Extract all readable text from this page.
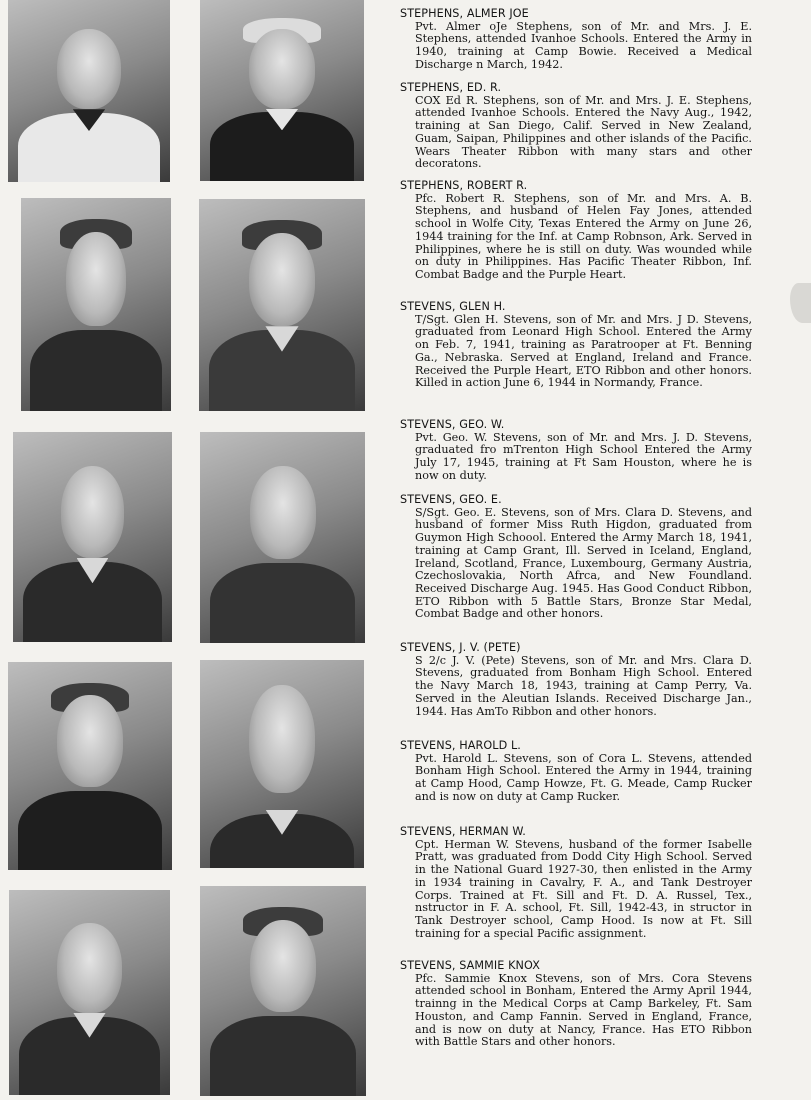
STEPHENS, ALMER JOE
Pvt. Almer oJe Stephens, son of Mr. and Mrs. J. E. Stephens, attended Ivanhoe Schools. Entered the Army in 1940, training at Camp Bowie. Received a Medical Discharge n March, 1942.
STEPHENS, ED. R.
COX Ed R. Stephens, son of Mr. and Mrs. J. E. Stephens, attended Ivanhoe Schools. Entered the Navy Aug., 1942, training at San Diego, Calif. Served in New Zealand, Guam, Saipan, Philippines and other islands of the Pacific. Wears Theater Ribbon with many stars and other decoratons.
STEPHENS, ROBERT R.
Pfc. Robert R. Stephens, son of Mr. and Mrs. A. B. Stephens, and husband of Helen Fay Jones, attended school in Wolfe City, Texas Entered the Army on June 26, 1944 training for the Inf. at Camp Robnson, Ark. Served in Philippines, where he is still on duty. Was wounded while on duty in Philippines. Has Pacific Theater Ribbon, Inf. Combat Badge and the Purple Heart.
STEVENS, GLEN H.
T/Sgt. Glen H. Stevens, son of Mr. and Mrs. J D. Stevens, graduated from Leonard High School. Entered the Army on Feb. 7, 1941, training as Paratrooper at Ft. Benning Ga., Nebraska. Served at England, Ireland and France. Received the Purple Heart, ETO Ribbon and other honors. Killed in action June 6, 1944 in Normandy, France.
STEVENS, GEO. W.
Pvt. Geo. W. Stevens, son of Mr. and Mrs. J. D. Stevens, graduated fro mTrenton High School Entered the Army July 17, 1945, training at Ft Sam Houston, where he is now on duty.
STEVENS, GEO. E.
S/Sgt. Geo. E. Stevens, son of Mrs. Clara D. Stevens, and husband of former Miss Ruth Higdon, graduated from Guymon High Schoool. Entered the Army March 18, 1941, training at Camp Grant, Ill. Served in Iceland, England, Ireland, Scotland, France, Luxembourg, Germany Austria, Czechoslovakia, North Afrca, and New Foundland. Received Discharge Aug. 1945. Has Good Conduct Ribbon, ETO Ribbon with 5 Battle Stars, Bronze Star Medal, Combat Badge and other honors.
STEVENS, J. V. (PETE)
S 2/c J. V. (Pete) Stevens, son of Mr. and Mrs. Clara D. Stevens, graduated from Bonham High School. Entered the Navy March 18, 1943, training at Camp Perry, Va. Served in the Aleutian Islands. Received Discharge Jan., 1944. Has AmTo Ribbon and other honors.
STEVENS, HAROLD L.
Pvt. Harold L. Stevens, son of Cora L. Stevens, attended Bonham High School. Entered the Army in 1944, training at Camp Hood, Camp Howze, Ft. G. Meade, Camp Rucker and is now on duty at Camp Rucker.
STEVENS, HERMAN W.
Cpt. Herman W. Stevens, husband of the former Isabelle Pratt, was graduated from Dodd City High School. Served in the National Guard 1927-30, then enlisted in the Army in 1934 training in Cavalry, F. A., and Tank Destroyer Corps. Trained at Ft. Sill and Ft. D. A. Russel, Tex., nstructor in F. A. school, Ft. Sill, 1942-43, in structor in Tank Destroyer school, Camp Hood. Is now at Ft. Sill training for a special Pacific assignment.
STEVENS, SAMMIE KNOX
Pfc. Sammie Knox Stevens, son of Mrs. Cora Stevens attended school in Bonham, Entered the Army April 1944, trainng in the Medical Corps at Camp Barkeley, Ft. Sam Houston, and Camp Fannin. Served in England, France, and is now on duty at Nancy, France. Has ETO Ribbon with Battle Stars and other honors.
